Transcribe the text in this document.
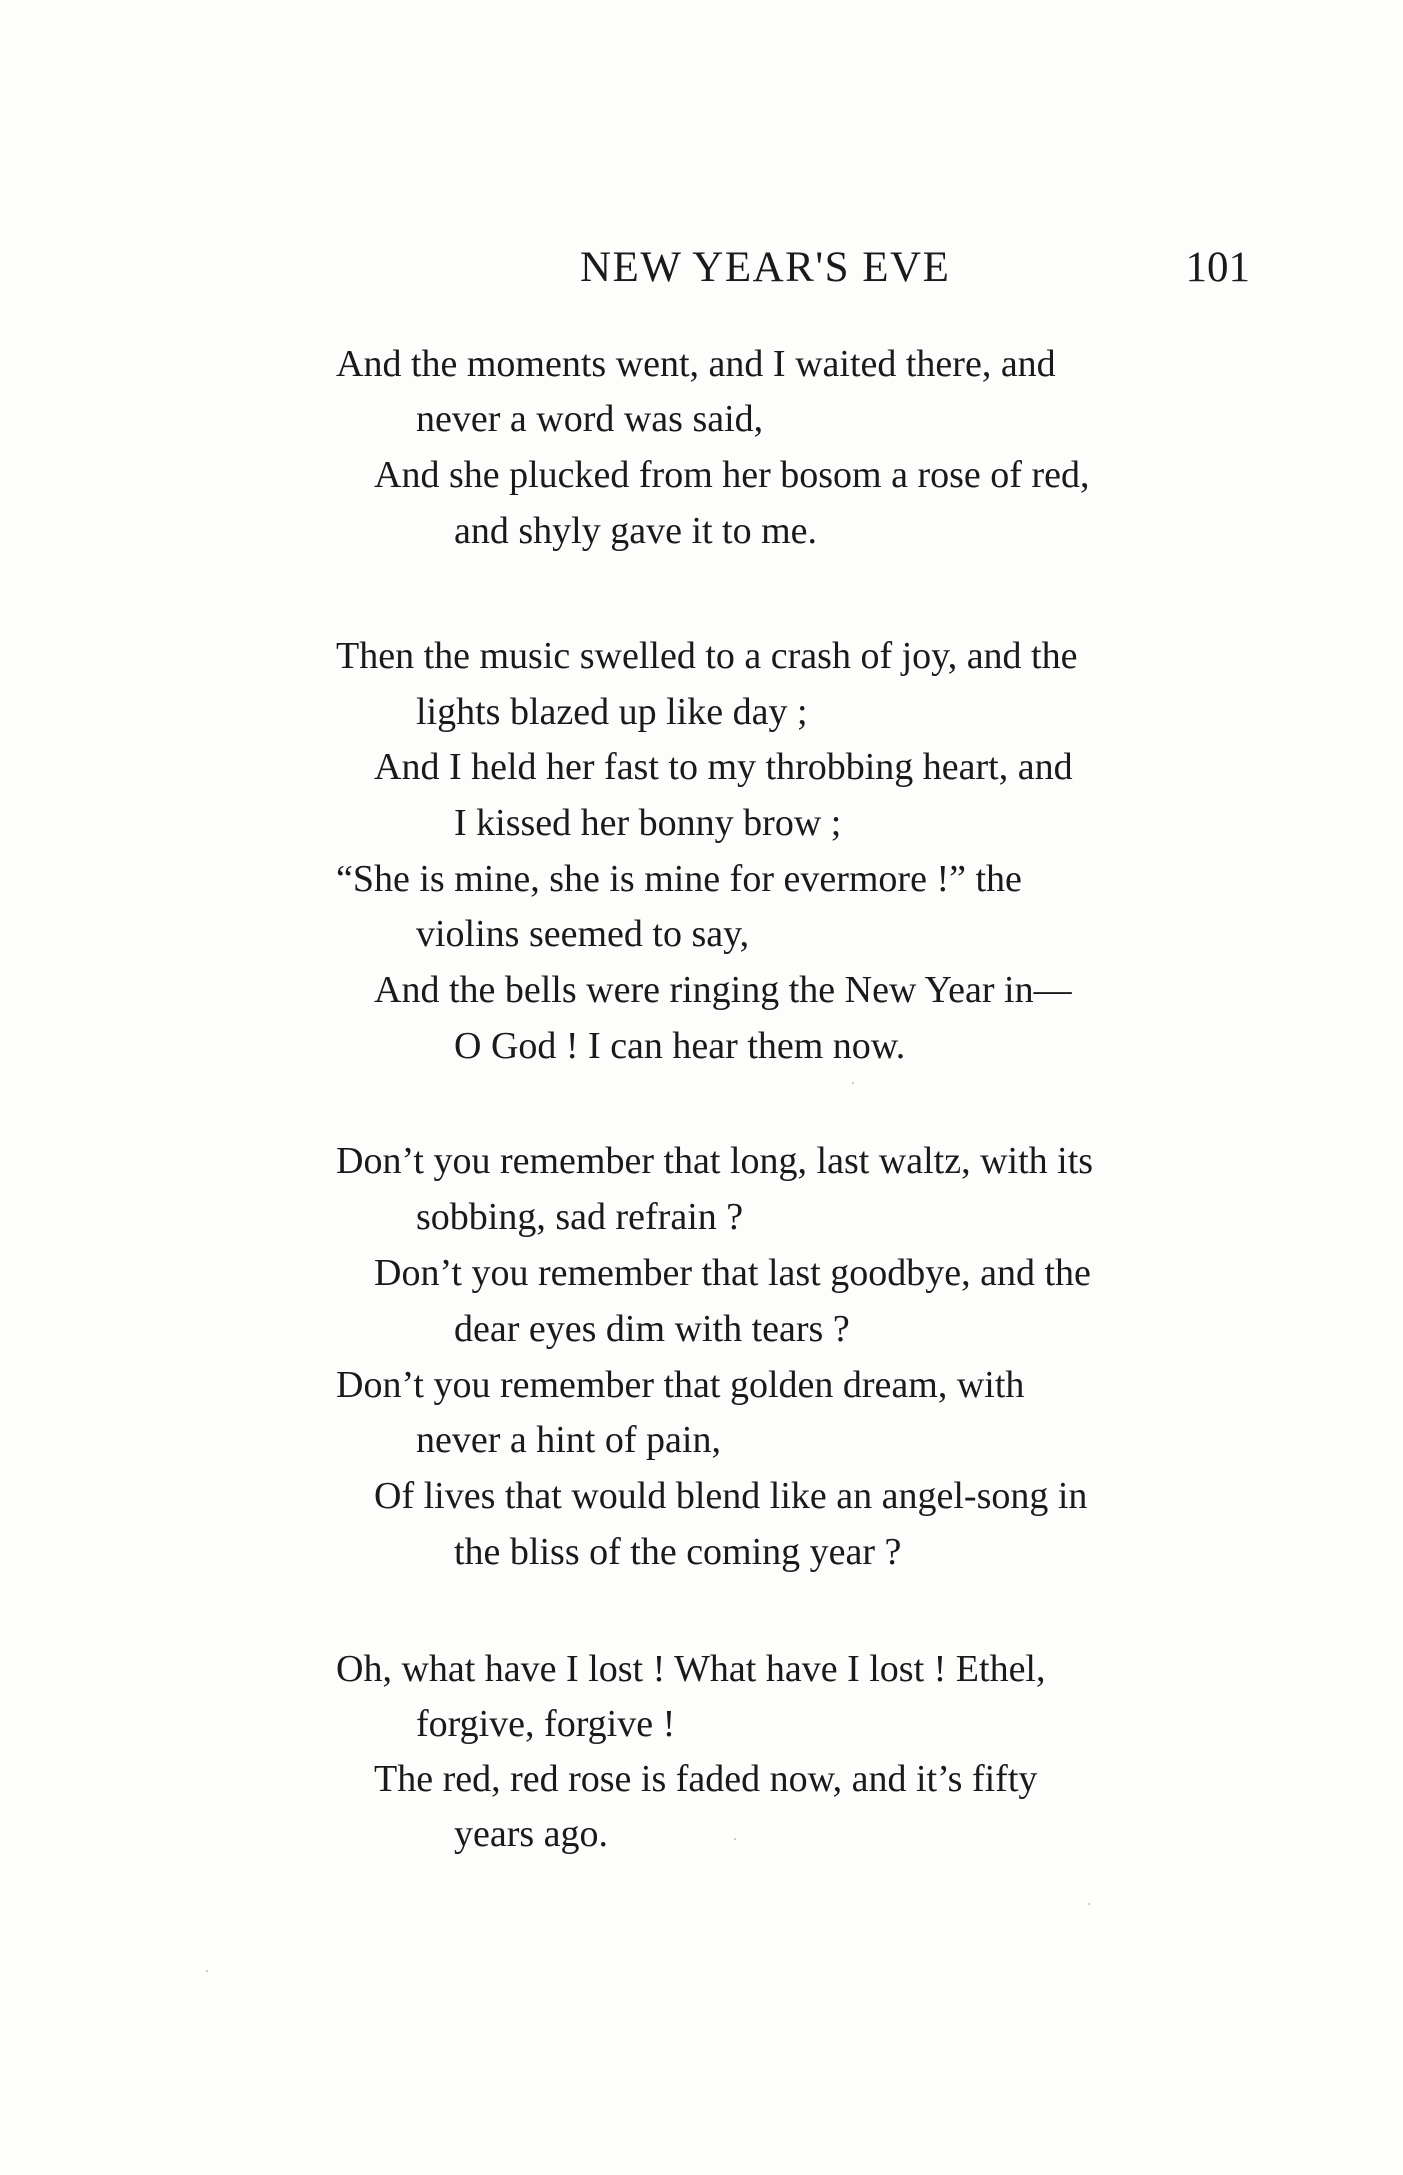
NEW YEAR'S EVE	101
And the moments went, and I waited there, and
never a word was said,
And she plucked from her bosom a rose of red,
and shyly gave it to me.
Then the music swelled to a crash of joy, and the
lights blazed up like day ;
And I held her fast to my throbbing heart, and
I kissed her bonny brow ;
“She is mine, she is mine for evermore !” the
violins seemed to say,
And the bells were ringing the New Year in—
O God ! I can hear them now.
Don’t you remember that long, last waltz, with its
sobbing, sad refrain ?
Don’t you remember that last goodbye, and the
dear eyes dim with tears ?
Don’t you remember that golden dream, with
never a hint of pain,
Of lives that would blend like an angel-song in
the bliss of the coming year ?
Oh, what have I lost ! What have I lost ! Ethel,
forgive, forgive !
The red, red rose is faded now, and it’s fifty
years ago.
